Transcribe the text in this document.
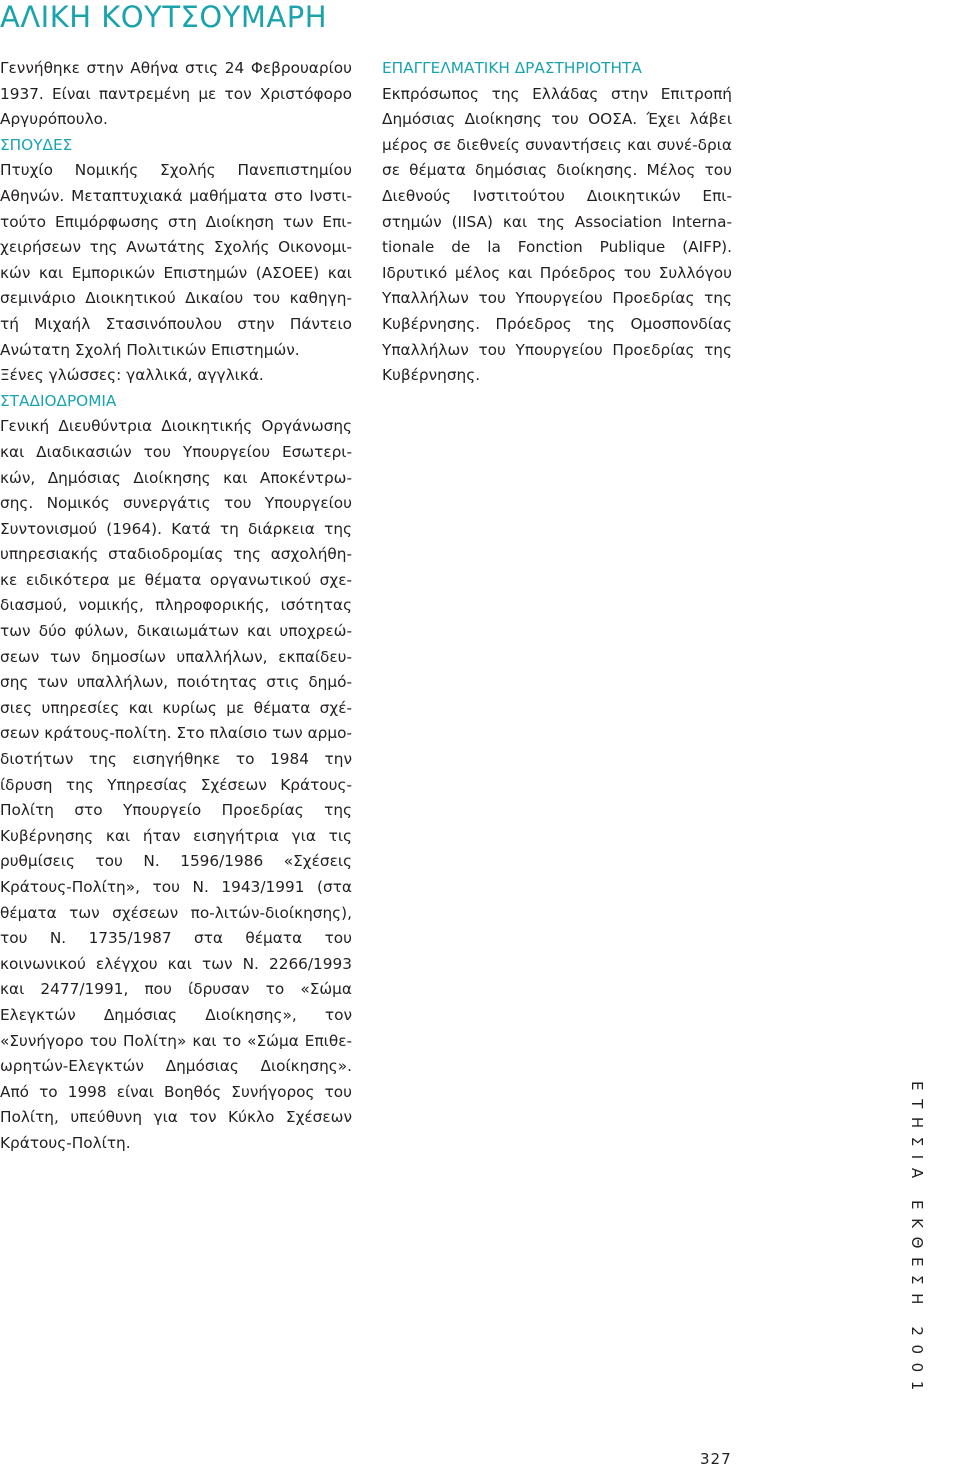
ΑΛΙΚΗ ΚΟΥΤΣΟΥΜΑΡΗ

Γεννήθηκε στην Αθήνα στις 24 Φεβρουαρίου 1937. Είναι παντρεμένη με τον Χριστόφορο Αργυρόπουλο.

ΣΠΟΥΔΕΣ

Πτυχίο Νομικής Σχολής Πανεπιστημίου Αθηνών. Μεταπτυχιακά μαθήματα στο Ινστι-τούτο Επιμόρφωσης στη Διοίκηση των Επι-χειρήσεων της Ανωτάτης Σχολής Οικονομι-κών και Εμπορικών Επιστημών (ΑΣΟΕΕ) και σεμινάριο Διοικητικού Δικαίου του καθηγη-τή Μιχαήλ Στασινόπουλου στην Πάντειο Ανώτατη Σχολή Πολιτικών Επιστημών.

Ξένες γλώσσες: γαλλικά, αγγλικά.

ΣΤΑΔΙΟΔΡΟΜΙΑ

Γενική Διευθύντρια Διοικητικής Οργάνωσης και Διαδικασιών του Υπουργείου Εσωτερι-κών, Δημόσιας Διοίκησης και Αποκέντρω-σης. Νομικός συνεργάτις του Υπουργείου Συντονισμού (1964). Κατά τη διάρκεια της υπηρεσιακής σταδιοδρομίας της ασχολήθη-κε ειδικότερα με θέματα οργανωτικού σχε-διασμού, νομικής, πληροφορικής, ισότητας των δύο φύλων, δικαιωμάτων και υποχρεώ-σεων των δημοσίων υπαλλήλων, εκπαίδευ-σης των υπαλλήλων, ποιότητας στις δημό-σιες υπηρεσίες και κυρίως με θέματα σχέ-σεων κράτους-πολίτη. Στο πλαίσιο των αρμο-διοτήτων της εισηγήθηκε το 1984 την ίδρυση της Υπηρεσίας Σχέσεων Κράτους-Πολίτη στο Υπουργείο Προεδρίας της Κυβέρνησης και ήταν εισηγήτρια για τις ρυθμίσεις του Ν. 1596/1986 «Σχέσεις Κράτους-Πολίτη», του Ν. 1943/1991 (στα θέματα των σχέσεων πο-λιτών-διοίκησης), του Ν. 1735/1987 στα θέματα του κοινωνικού ελέγχου και των Ν. 2266/1993 και 2477/1991, που ίδρυσαν το «Σώμα Ελεγκτών Δημόσιας Διοίκησης», τον «Συνήγορο του Πολίτη» και το «Σώμα Επιθε-ωρητών-Ελεγκτών Δημόσιας Διοίκησης». Από το 1998 είναι Βοηθός Συνήγορος του Πολίτη, υπεύθυνη για τον Κύκλο Σχέσεων Κράτους-Πολίτη.

ΕΠΑΓΓΕΛΜΑΤΙΚΗ ΔΡΑΣΤΗΡΙΟΤΗΤΑ

Εκπρόσωπος της Ελλάδας στην Επιτροπή Δημόσιας Διοίκησης του ΟΟΣΑ. Έχει λάβει μέρος σε διεθνείς συναντήσεις και συνέ-δρια σε θέματα δημόσιας διοίκησης. Μέλος του Διεθνούς Ινστιτούτου Διοικητικών Επι-στημών (IISA) και της Association Interna-tionale de la Fonction Publique (AIFP). Ιδρυτικό μέλος και Πρόεδρος του Συλλόγου Υπαλλήλων του Υπουργείου Προεδρίας της Κυβέρνησης. Πρόεδρος της Ομοσπονδίας Υπαλλήλων του Υπουργείου Προεδρίας της Κυβέρνησης.

ΕΤΗΣΙΑ ΕΚΘΕΣΗ 2001
327
